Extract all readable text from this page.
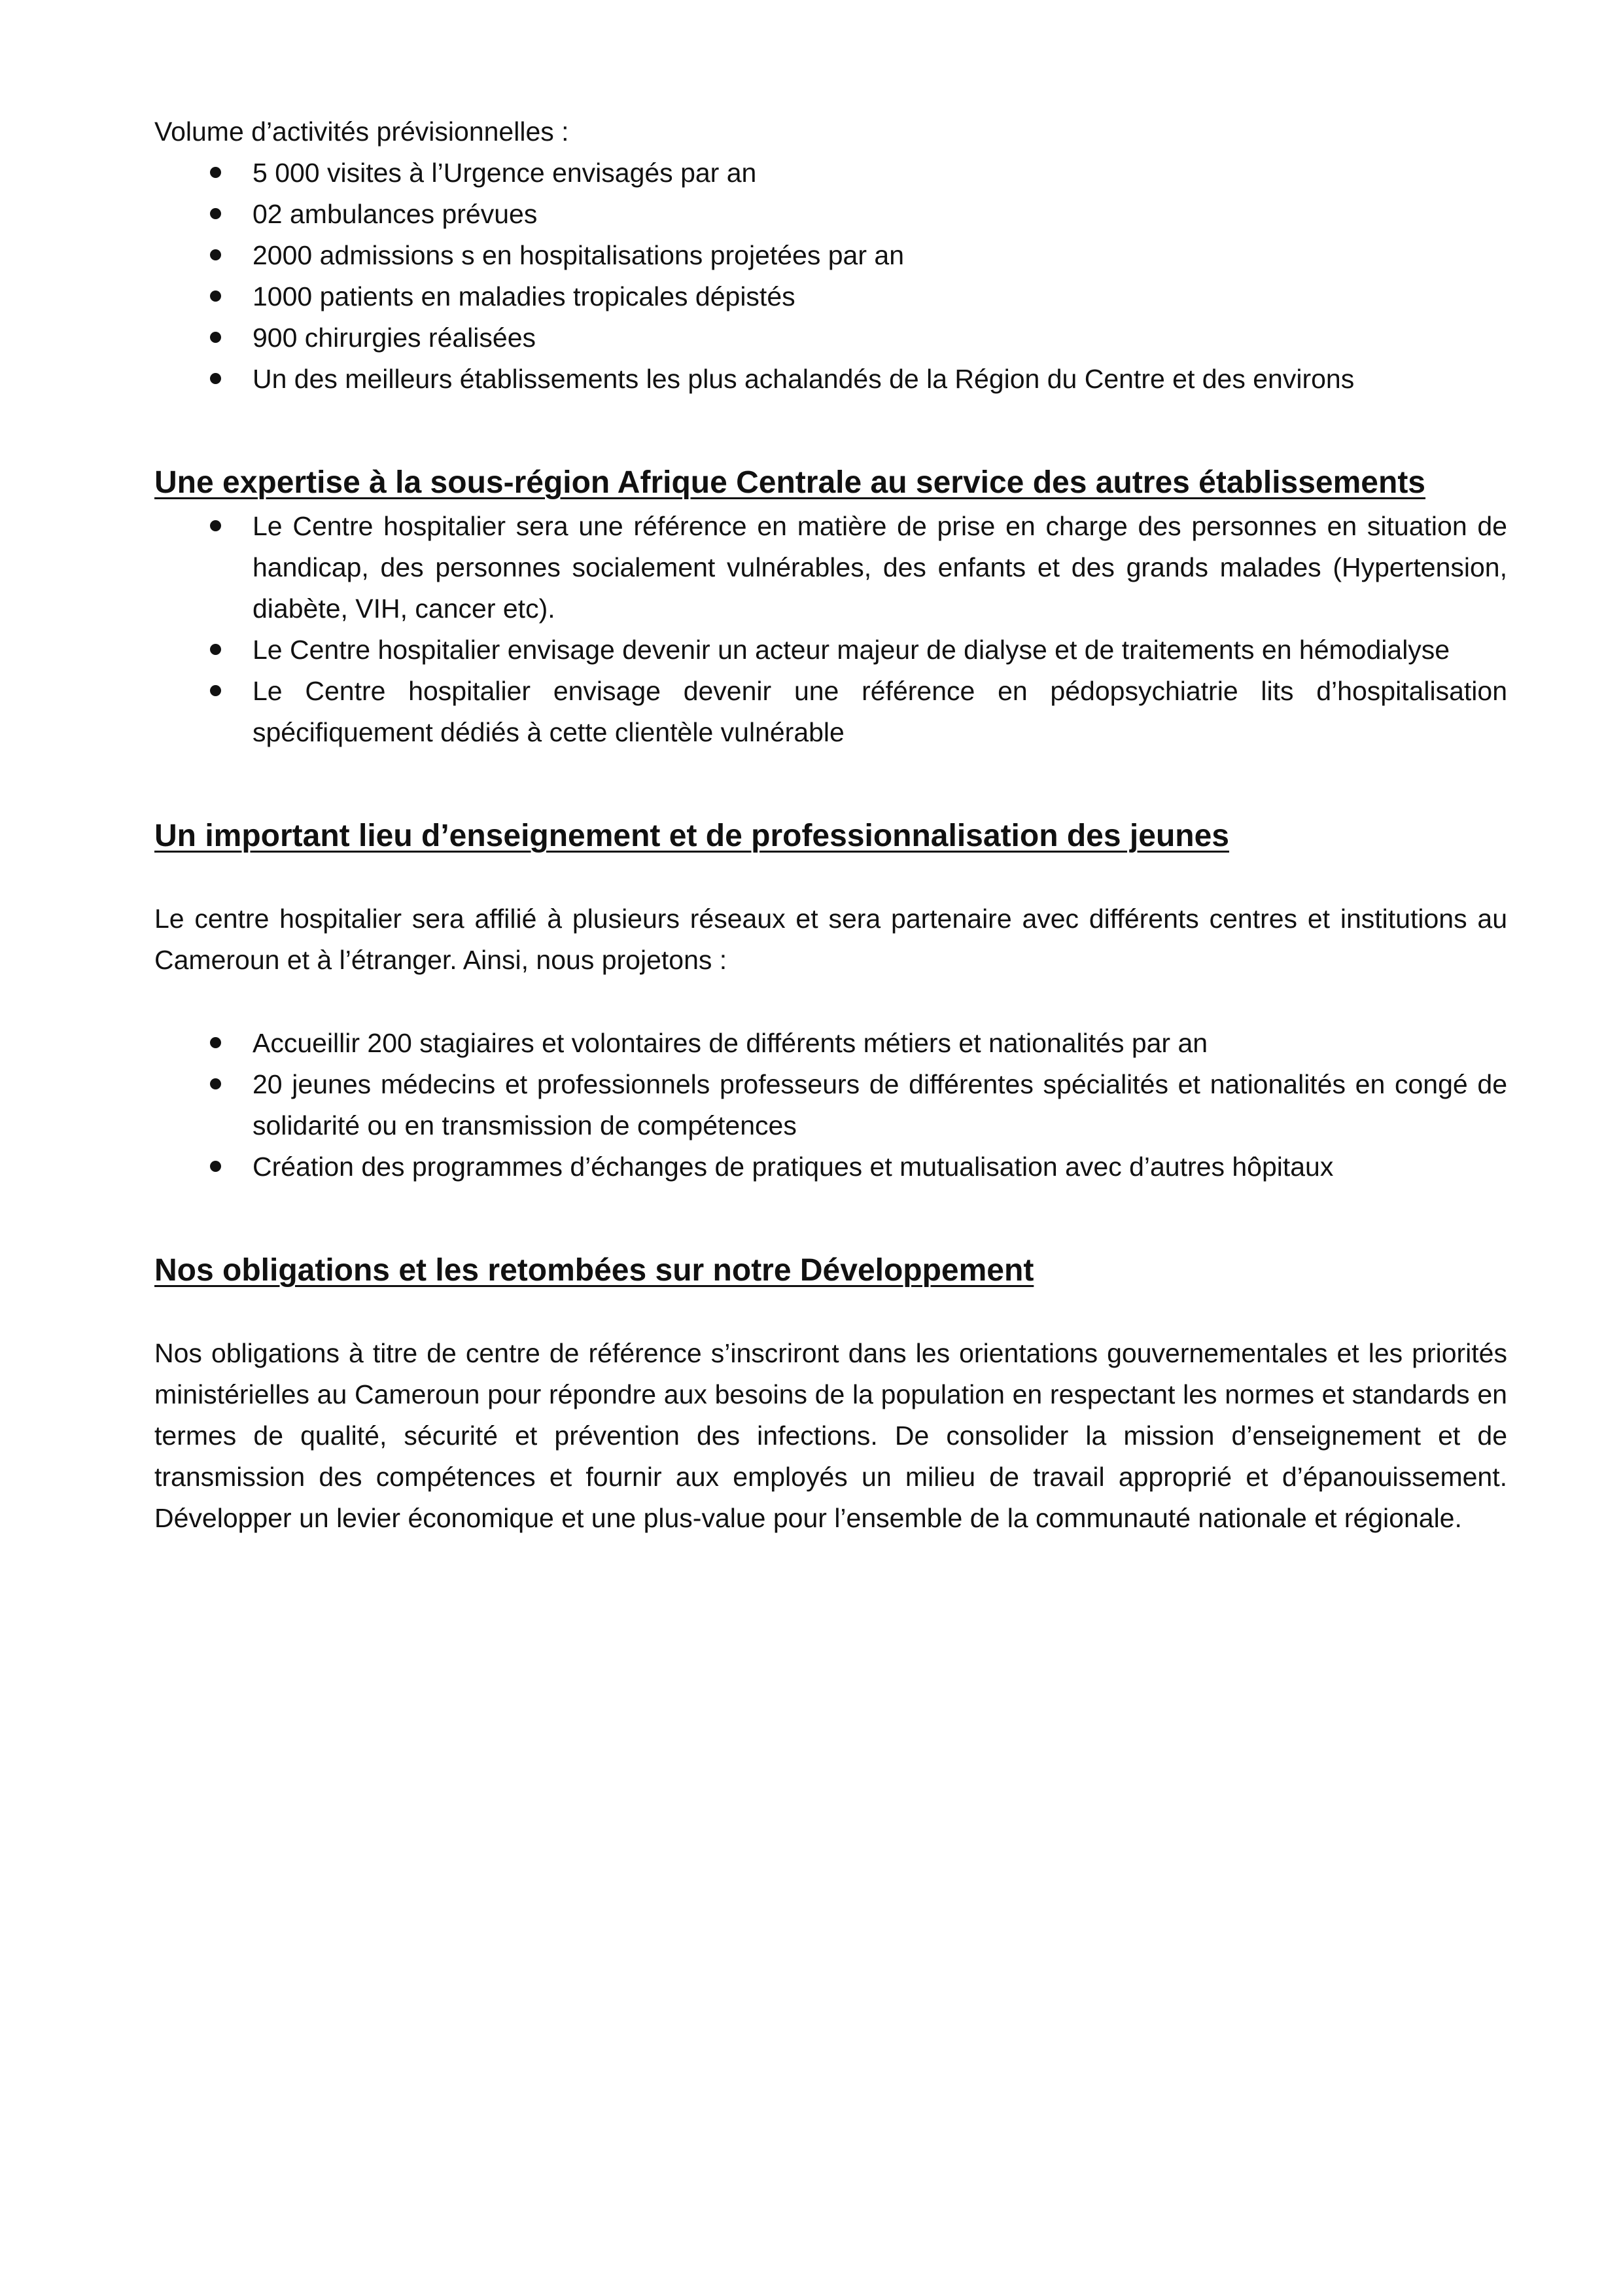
Volume d’activités prévisionnelles :

5 000 visites à l’Urgence envisagés par an
02 ambulances prévues
2000 admissions s en hospitalisations projetées par an
1000 patients en maladies tropicales dépistés
900 chirurgies réalisées
Un des meilleurs établissements les plus achalandés de la Région du Centre et des environs
Une expertise à la sous-région Afrique Centrale au service des autres établissements
Le Centre hospitalier sera une référence en matière de prise en charge des personnes en situation de handicap, des personnes socialement vulnérables, des enfants et des grands malades (Hypertension, diabète, VIH, cancer etc).
Le Centre hospitalier envisage devenir un acteur majeur de dialyse et de traitements en hémodialyse
Le Centre hospitalier envisage devenir une référence en pédopsychiatrie lits d’hospitalisation spécifiquement dédiés à cette clientèle vulnérable
Un important lieu d’enseignement et de professionnalisation des jeunes

Le centre hospitalier sera affilié à plusieurs réseaux et sera partenaire avec différents centres et institutions au Cameroun et à l’étranger. Ainsi, nous projetons :

Accueillir 200 stagiaires et volontaires de différents métiers et nationalités par an
20 jeunes médecins et professionnels professeurs de différentes spécialités et nationalités en congé de solidarité ou en transmission de compétences
Création des programmes d’échanges de pratiques et mutualisation avec d’autres hôpitaux
Nos obligations et les retombées sur notre Développement

Nos obligations à titre de centre de référence s’inscriront dans les orientations gouvernementales et les priorités ministérielles au Cameroun pour répondre aux besoins de la population en respectant les normes et standards en termes de qualité, sécurité et prévention des infections. De consolider la mission d’enseignement et de transmission des compétences et fournir aux employés un milieu de travail approprié et d’épanouissement. Développer un levier économique et une plus-value pour l’ensemble de la communauté nationale et régionale.
